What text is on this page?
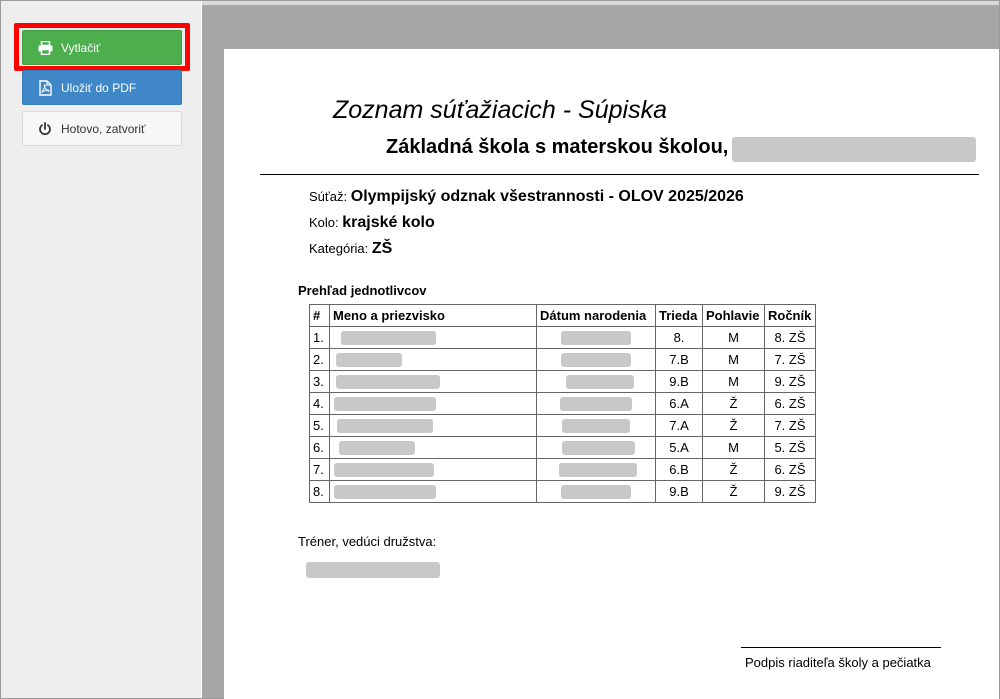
Vytlačiť
Uložiť do PDF
Hotovo, zatvoriť
Zoznam súťažiacich - Súpiska
Základná škola s materskou školou,
Súťaž: Olympijský odznak všestrannosti - OLOV 2025/2026
Kolo: krajské kolo
Kategória: ZŠ
Prehľad jednotlivcov
#	Meno a priezvisko	Dátum narodenia	Trieda	Pohlavie	Ročník
1.			8.	M	8. ZŠ
2.			7.B	M	7. ZŠ
3.			9.B	M	9. ZŠ
4.			6.A	Ž	6. ZŠ
5.			7.A	Ž	7. ZŠ
6.			5.A	M	5. ZŠ
7.			6.B	Ž	6. ZŠ
8.			9.B	Ž	9. ZŠ
Tréner, vedúci družstva:
Podpis riaditeľa školy a pečiatka
